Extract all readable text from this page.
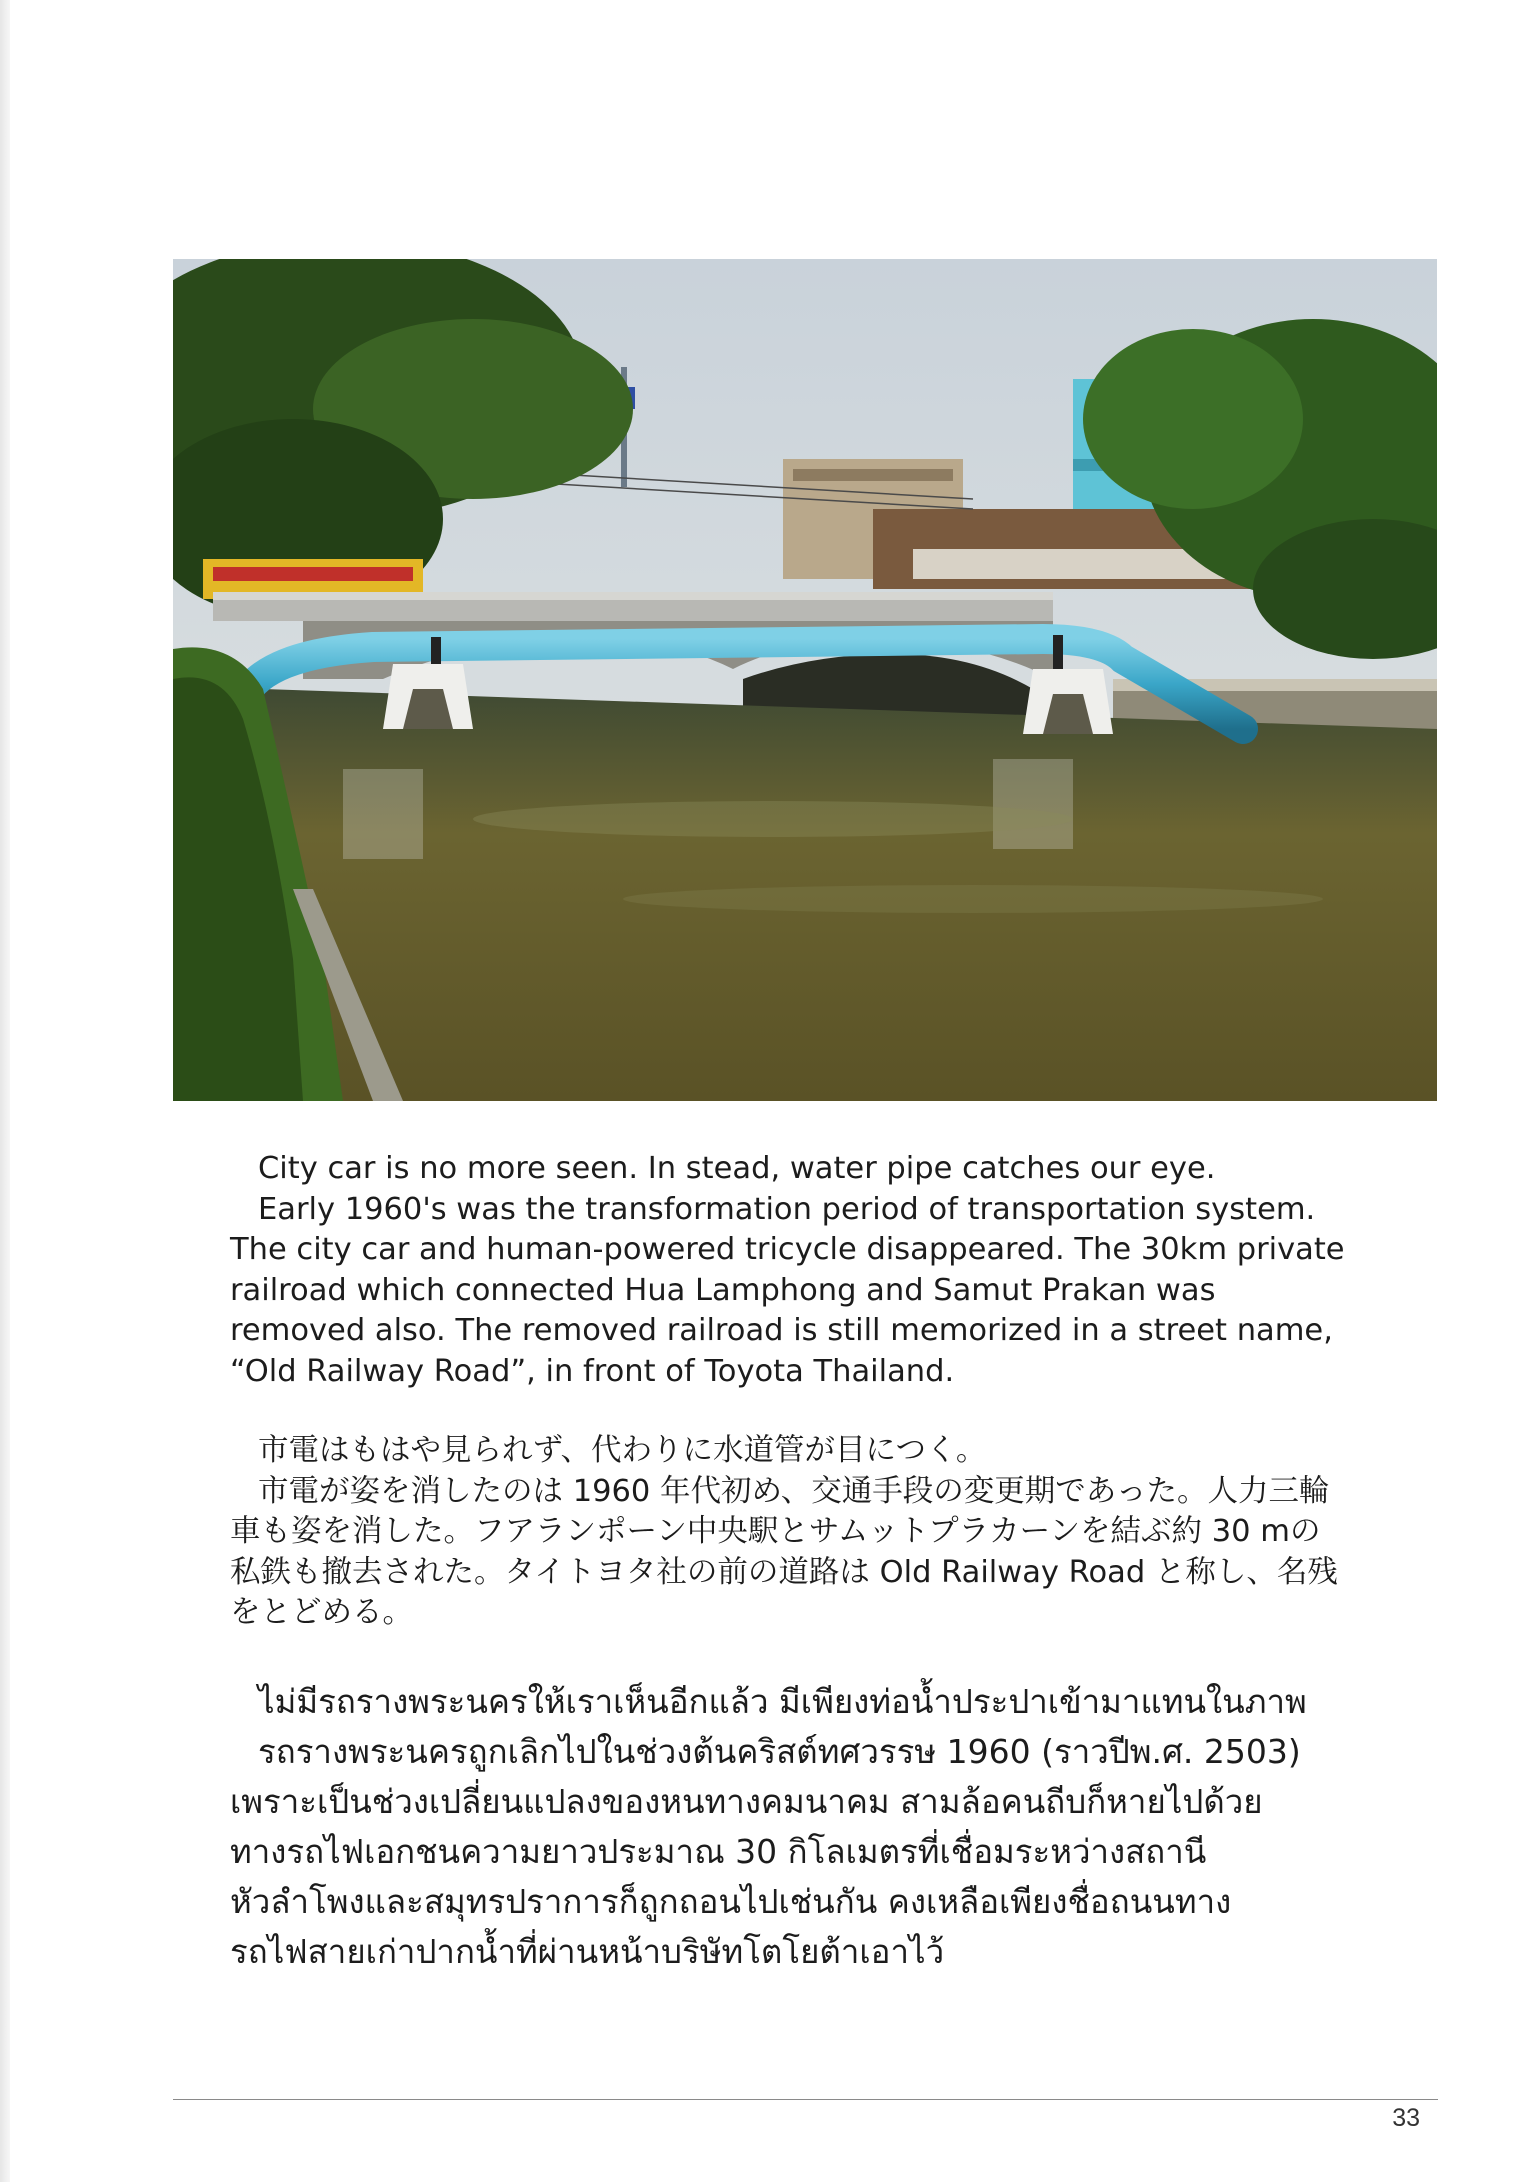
City car is no more seen. In stead, water pipe catches our eye.
Early 1960's was the transformation period of transportation system.
The city car and human-powered tricycle disappeared. The 30km private
railroad which connected Hua Lamphong and Samut Prakan was
removed also. The removed railroad is still memorized in a street name,
“Old Railway Road”, in front of Toyota Thailand.
市電はもはや見られず、代わりに水道管が目につく。
市電が姿を消したのは 1960 年代初め、交通手段の変更期であった。人力三輪
車も姿を消した。フアランポーン中央駅とサムットプラカーンを結ぶ約 30 mの
私鉄も撤去された。タイトヨタ社の前の道路は Old Railway Road と称し、名残
をとどめる。
ไม่มีรถรางพระนครให้เราเห็นอีกแล้ว มีเพียงท่อน้ำประปาเข้ามาแทนในภาพ
รถรางพระนครถูกเลิกไปในช่วงต้นคริสต์ทศวรรษ 1960 (ราวปีพ.ศ. 2503)
เพราะเป็นช่วงเปลี่ยนแปลงของหนทางคมนาคม สามล้อคนถีบก็หายไปด้วย
ทางรถไฟเอกชนความยาวประมาณ 30 กิโลเมตรที่เชื่อมระหว่างสถานี
หัวลำโพงและสมุทรปราการก็ถูกถอนไปเช่นกัน คงเหลือเพียงชื่อถนนทาง
รถไฟสายเก่าปากน้ำที่ผ่านหน้าบริษัทโตโยต้าเอาไว้
33
